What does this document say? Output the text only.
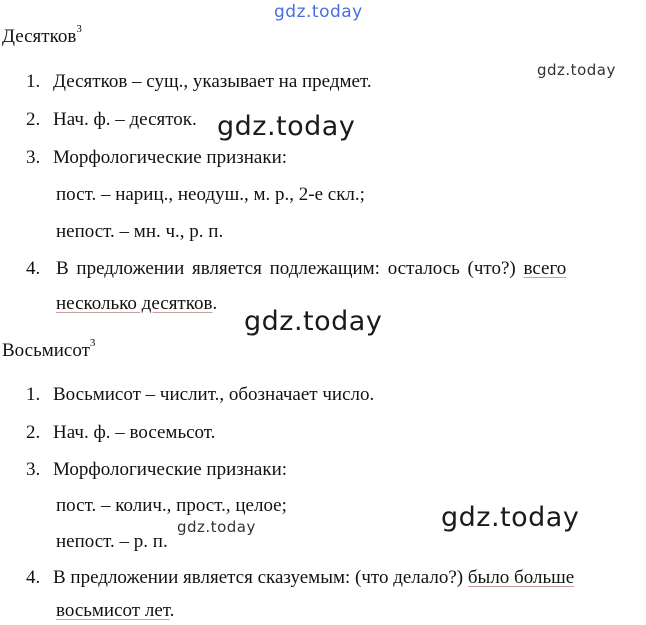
gdz.today
gdz.today
gdz.today
gdz.today
gdz.today
gdz.today
Десятков$^3$
1. Десятков – сущ., указывает на предмет.
2. Нач. ф. – десяток.
3. Морфологические признаки:
пост. – нариц., неодуш., м. р., 2-е скл.;
непост. – мн. ч., р. п.
4. В предложении является подлежащим: осталось (что?) всего
несколько десятков.
Восьмисот$^3$
1. Восьмисот – числит., обозначает число.
2. Нач. ф. – восемьсот.
3. Морфологические признаки:
пост. – колич., прост., целое;
непост. – р. п.
4. В предложении является сказуемым: (что делало?) было больше
восьмисот лет.
